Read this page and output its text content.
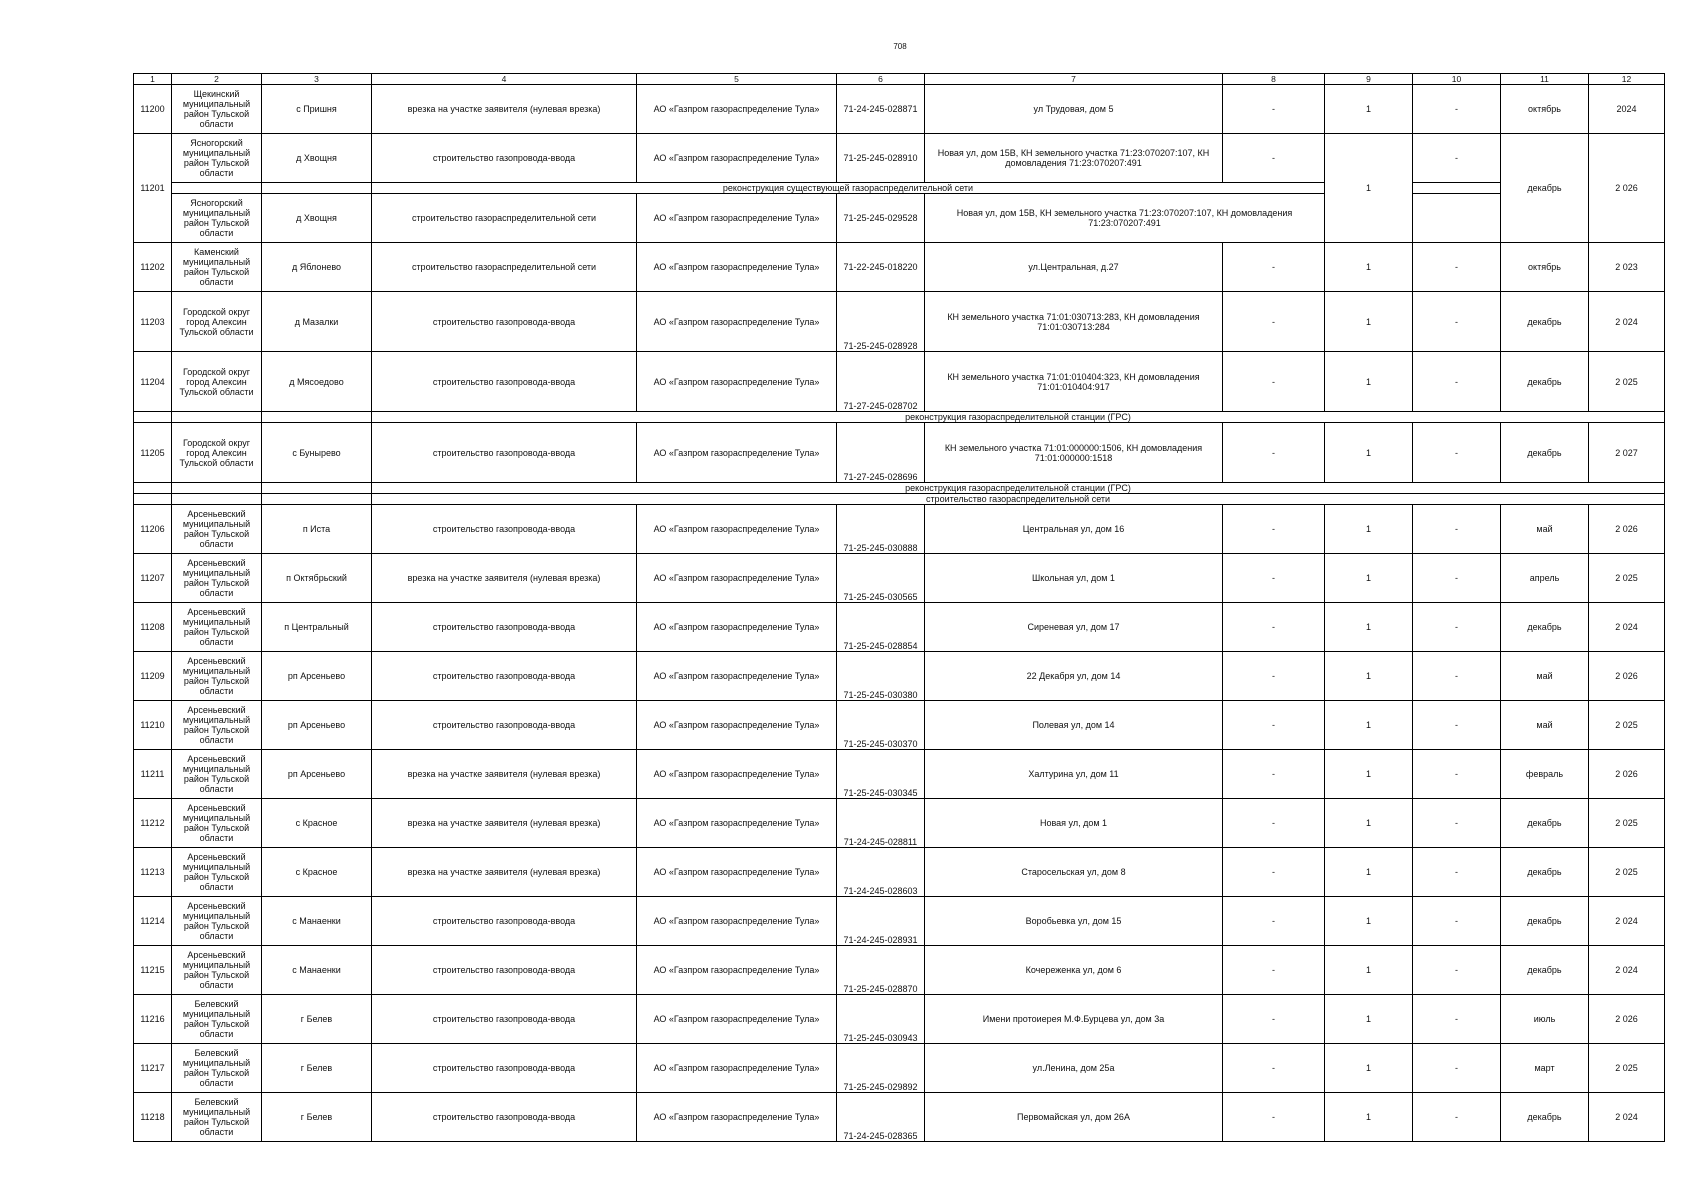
708
1	2	3	4	5	6	7	8	9	10	11	12
11200	Щекинский муниципальный район Тульской области	с Пришня	врезка на участке заявителя (нулевая врезка)	АО «Газпром газораспределение Тула»	71-24-245-028871	ул Трудовая, дом 5	-	1	-	октябрь	2024
11201	Ясногорский муниципальный район Тульской области	д Хвощня	строительство газопровода-ввода	АО «Газпром газораспределение Тула»	71-25-245-028910	Новая ул, дом 15В, КН земельного участка 71:23:070207:107, КН домовладения 71:23:070207:491	-	1	-	декабрь	2 026
			реконструкция существующей газораспределительной сети								
	Ясногорский муниципальный район Тульской области	д Хвощня	строительство газораспределительной сети	АО «Газпром газораспределение Тула»	71-25-245-029528	Новая ул, дом 15В, КН земельного участка 71:23:070207:107, КН домовладения 71:23:070207:491					
11202	Каменский муниципальный район Тульской области	д Яблонево	строительство газораспределительной сети	АО «Газпром газораспределение Тула»	71-22-245-018220	ул.Центральная, д.27	-	1	-	октябрь	2 023
11203	Городской округ город Алексин Тульской области	д Мазалки	строительство газопровода-ввода	АО «Газпром газораспределение Тула»	71-25-245-028928	КН земельного участка 71:01:030713:283, КН домовладения 71:01:030713:284	-	1	-	декабрь	2 024
11204	Городской округ город Алексин Тульской области	д Мясоедово	строительство газопровода-ввода	АО «Газпром газораспределение Тула»	71-27-245-028702	КН земельного участка 71:01:010404:323, КН домовладения 71:01:010404:917	-	1	-	декабрь	2 025
			реконструкция газораспределительной станции (ГРС)								
11205	Городской округ город Алексин Тульской области	с Бунырево	строительство газопровода-ввода	АО «Газпром газораспределение Тула»	71-27-245-028696	КН земельного участка 71:01:000000:1506, КН домовладения 71:01:000000:1518	-	1	-	декабрь	2 027
			реконструкция газораспределительной станции (ГРС)								
			строительство газораспределительной сети								
11206	Арсеньевский муниципальный район Тульской области	п Иста	строительство газопровода-ввода	АО «Газпром газораспределение Тула»	71-25-245-030888	Центральная ул, дом 16	-	1	-	май	2 026
11207	Арсеньевский муниципальный район Тульской области	п Октябрьский	врезка на участке заявителя (нулевая врезка)	АО «Газпром газораспределение Тула»	71-25-245-030565	Школьная ул, дом 1	-	1	-	апрель	2 025
11208	Арсеньевский муниципальный район Тульской области	п Центральный	строительство газопровода-ввода	АО «Газпром газораспределение Тула»	71-25-245-028854	Сиреневая ул, дом 17	-	1	-	декабрь	2 024
11209	Арсеньевский муниципальный район Тульской области	рп Арсеньево	строительство газопровода-ввода	АО «Газпром газораспределение Тула»	71-25-245-030380	22 Декабря ул, дом 14	-	1	-	май	2 026
11210	Арсеньевский муниципальный район Тульской области	рп Арсеньево	строительство газопровода-ввода	АО «Газпром газораспределение Тула»	71-25-245-030370	Полевая ул, дом 14	-	1	-	май	2 025
11211	Арсеньевский муниципальный район Тульской области	рп Арсеньево	врезка на участке заявителя (нулевая врезка)	АО «Газпром газораспределение Тула»	71-25-245-030345	Халтурина ул, дом 11	-	1	-	февраль	2 026
11212	Арсеньевский муниципальный район Тульской области	с Красное	врезка на участке заявителя (нулевая врезка)	АО «Газпром газораспределение Тула»	71-24-245-028811	Новая ул, дом 1	-	1	-	декабрь	2 025
11213	Арсеньевский муниципальный район Тульской области	с Красное	врезка на участке заявителя (нулевая врезка)	АО «Газпром газораспределение Тула»	71-24-245-028603	Старосельская ул, дом 8	-	1	-	декабрь	2 025
11214	Арсеньевский муниципальный район Тульской области	с Манаенки	строительство газопровода-ввода	АО «Газпром газораспределение Тула»	71-24-245-028931	Воробьевка ул, дом 15	-	1	-	декабрь	2 024
11215	Арсеньевский муниципальный район Тульской области	с Манаенки	строительство газопровода-ввода	АО «Газпром газораспределение Тула»	71-25-245-028870	Кочереженка ул, дом 6	-	1	-	декабрь	2 024
11216	Белевский муниципальный район Тульской области	г Белев	строительство газопровода-ввода	АО «Газпром газораспределение Тула»	71-25-245-030943	Имени протоиерея М.Ф.Бурцева ул, дом 3а	-	1	-	июль	2 026
11217	Белевский муниципальный район Тульской области	г Белев	строительство газопровода-ввода	АО «Газпром газораспределение Тула»	71-25-245-029892	ул.Ленина, дом 25а	-	1	-	март	2 025
11218	Белевский муниципальный район Тульской области	г Белев	строительство газопровода-ввода	АО «Газпром газораспределение Тула»	71-24-245-028365	Первомайская ул, дом 26А	-	1	-	декабрь	2 024
